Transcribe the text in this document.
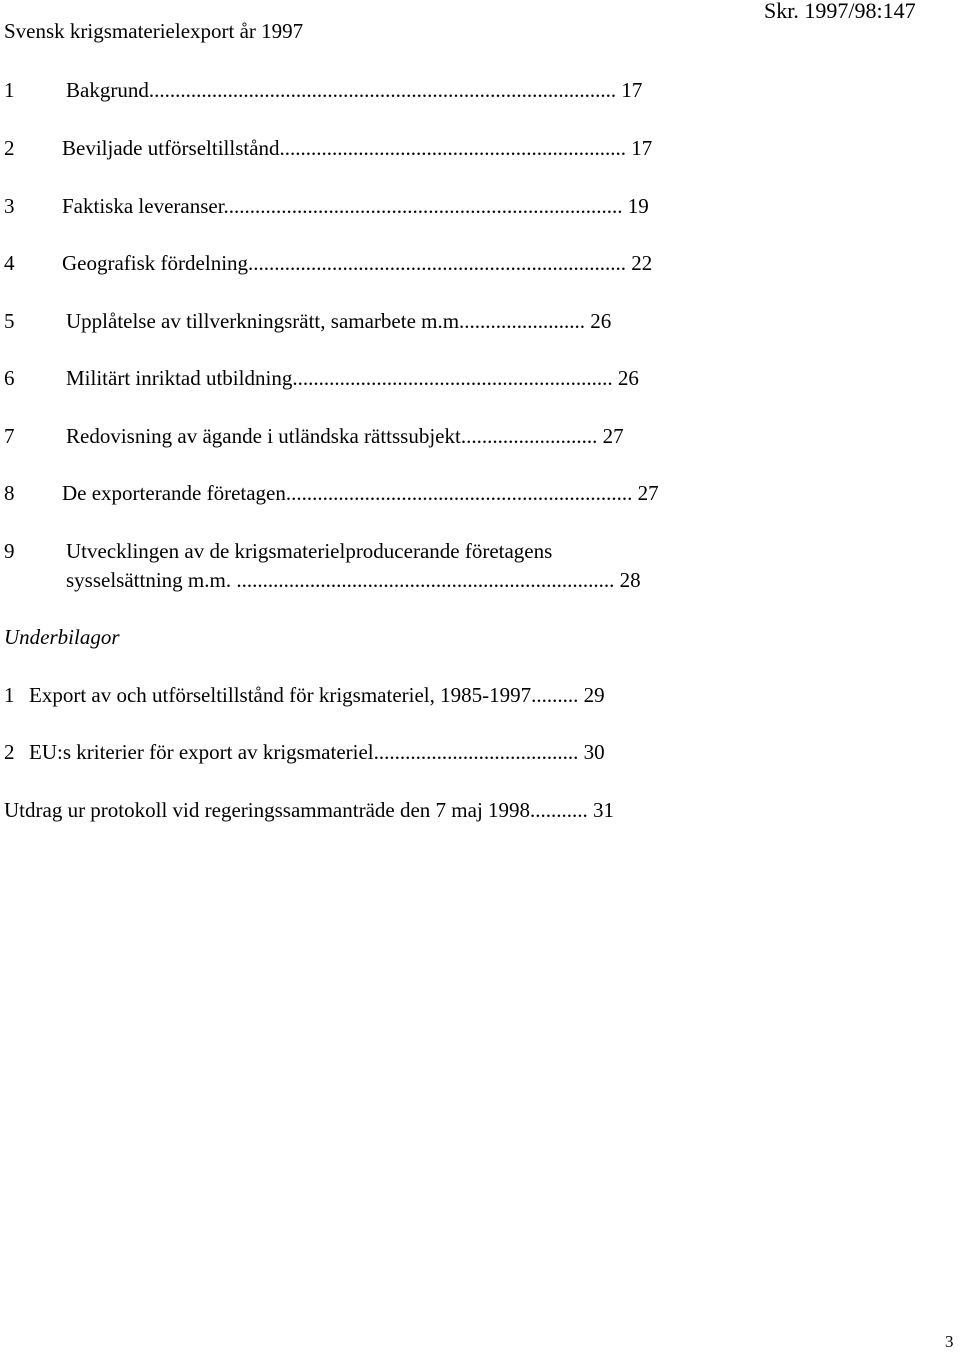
Svensk krigsmaterielexport år 1997
Skr. 1997/98:147
1 Bakgrund......................................................................................... 17
2 Beviljade utförseltillstånd.................................................................. 17
3 Faktiska leveranser............................................................................ 19
4 Geografisk fördelning........................................................................ 22
5 Upplåtelse av tillverkningsrätt, samarbete m.m........................ 26
6 Militärt inriktad utbildning............................................................. 26
7 Redovisning av ägande i utländska rättssubjekt.......................... 27
8 De exporterande företagen.................................................................. 27
9 Utvecklingen av de krigsmaterielproducerande företagens
sysselsättning m.m. ........................................................................ 28
Underbilagor
1 Export av och utförseltillstånd för krigsmateriel, 1985-1997......... 29
2 EU:s kriterier för export av krigsmateriel....................................... 30
Utdrag ur protokoll vid regeringssammanträde den 7 maj 1998........... 31
3
